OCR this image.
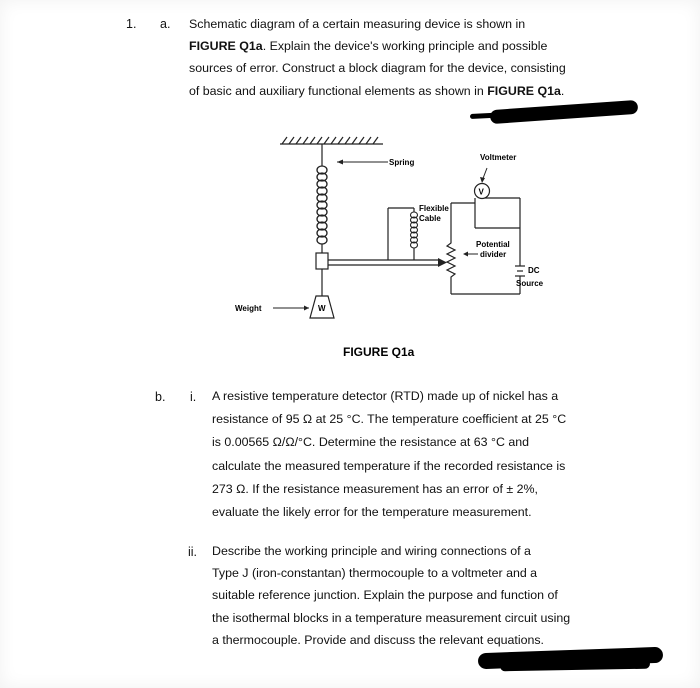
1. a. Schematic diagram of a certain measuring device is shown in

FIGURE Q1a. Explain the device's working principle and possible

sources of error. Construct a block diagram for the device, consisting

of basic and auxiliary functional elements as shown in FIGURE Q1a.

W
Weight
Spring
Flexible
Cable
V
Voltmeter
Potential
divider
DC
Source
FIGURE Q1a
b. i. A resistive temperature detector (RTD) made up of nickel has a

resistance of 95 Ω at 25 °C. The temperature coefficient at 25 °C

is 0.00565 Ω/Ω/°C. Determine the resistance at 63 °C and

calculate the measured temperature if the recorded resistance is

273 Ω. If the resistance measurement has an error of ± 2%,

evaluate the likely error for the temperature measurement.

ii. Describe the working principle and wiring connections of a

Type J (iron-constantan) thermocouple to a voltmeter and a

suitable reference junction. Explain the purpose and function of

the isothermal blocks in a temperature measurement circuit using

a thermocouple. Provide and discuss the relevant equations.
